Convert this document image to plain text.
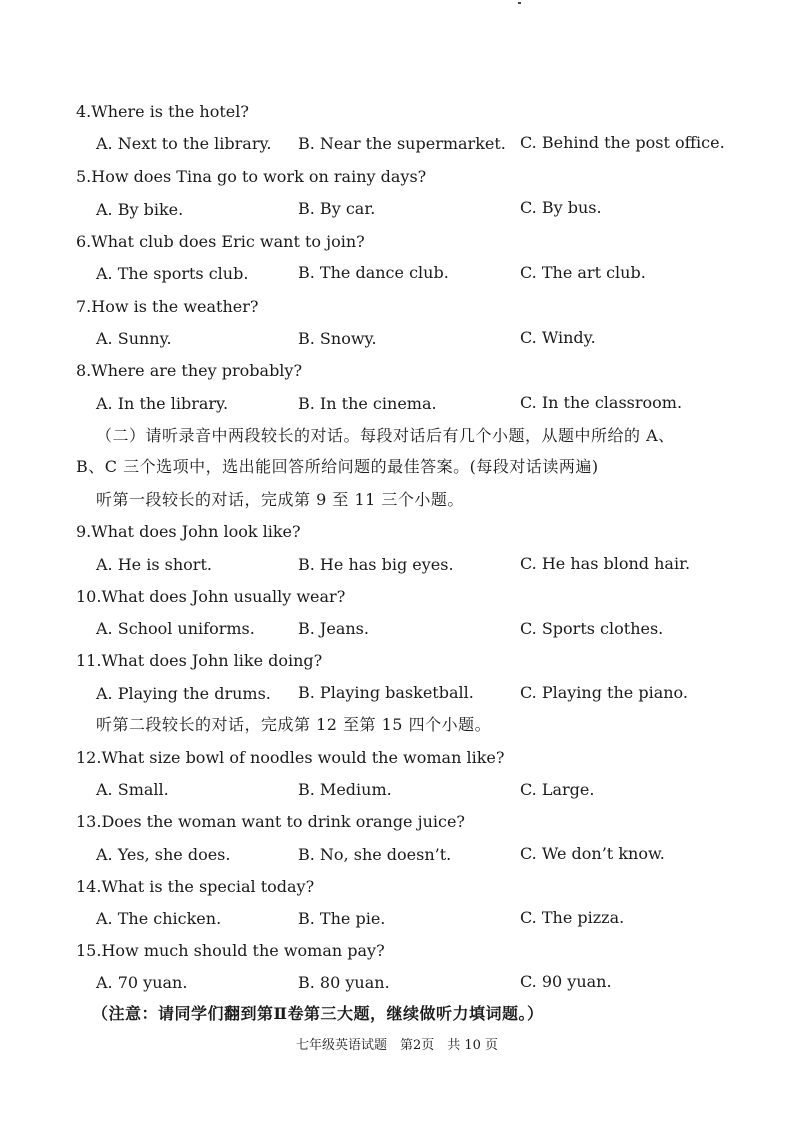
4.Where is the hotel?
A. Next to the library. B. Near the supermarket. C. Behind the post office.
5.How does Tina go to work on rainy days?
A. By bike.	B. By car.	C. By bus.
6.What club does Eric want to join?
A. The sports club.	B. The dance club.	C. The art club.
7.How is the weather?
A. Sunny.	B. Snowy.	C. Windy.
8.Where are they probably?
A. In the library.	B. In the cinema.	C. In the classroom.
（二）请听录音中两段较长的对话。每段对话后有几个小题，从题中所给的 A、
B、C 三个选项中，选出能回答所给问题的最佳答案。(每段对话读两遍)
听第一段较长的对话，完成第 9 至 11 三个小题。
9.What does John look like?
A. He is short.	B. He has big eyes.	C. He has blond hair.
10.What does John usually wear?
A. School uniforms.	B. Jeans.	C. Sports clothes.
11.What does John like doing?
A. Playing the drums. B. Playing basketball.	C. Playing the piano.
听第二段较长的对话，完成第 12 至第 15 四个小题。
12.What size bowl of noodles would the woman like?
A. Small.	B. Medium.	C. Large.
13.Does the woman want to drink orange juice?
A. Yes, she does.	B. No, she doesn’t.	C. We don’t know.
14.What is the special today?
A. The chicken.	B. The pie.	C. The pizza.
15.How much should the woman pay?
A. 70 yuan.	B. 80 yuan.	C. 90 yuan.
（注意：请同学们翻到第Ⅱ卷第三大题，继续做听力填词题。）
七年级英语试题　第2页　共 10 页
